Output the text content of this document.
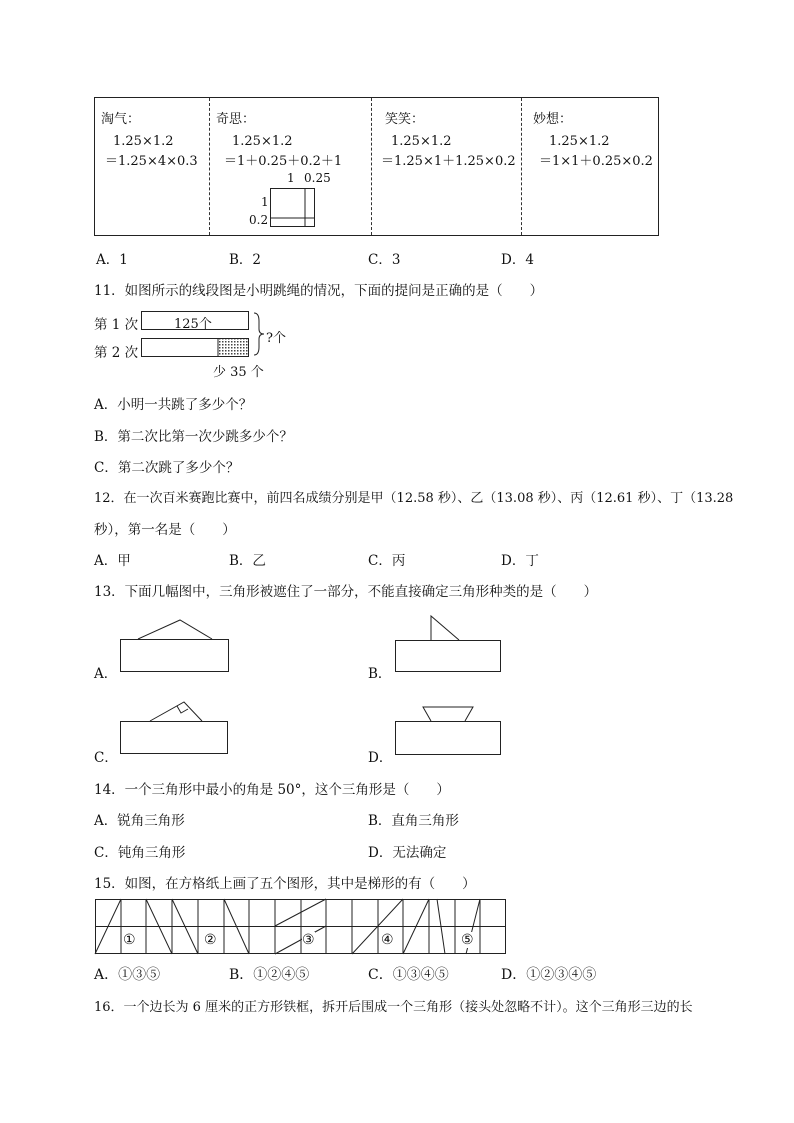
淘气：
1.25×1.2
＝1.25×4×0.3
奇思：
1.25×1.2
＝1＋0.25＋0.2＋1
1 0.25
1
0.2
笑笑：
1.25×1.2
＝1.25×1＋1.25×0.2
妙想：
1.25×1.2
＝1×1＋0.25×0.2
A．1	B．2	C．3	D．4
11．如图所示的线段图是小明跳绳的情况，下面的提问是正确的是（　　）
第 1 次
第 2 次
125个
?个
少 35 个
A．小明一共跳了多少个？
B．第二次比第一次少跳多少个？
C．第二次跳了多少个？
12．在一次百米赛跑比赛中，前四名成绩分别是甲（12.58 秒）、乙（13.08 秒）、丙（12.61 秒）、丁（13.28
秒），第一名是（　　）
A．甲	B．乙	C．丙	D．丁
13．下面几幅图中，三角形被遮住了一部分，不能直接确定三角形种类的是（　　）
A．	B．
C．	D．
14．一个三角形中最小的角是 50°，这个三角形是（　　）
A．锐角三角形	B．直角三角形
C．钝角三角形	D．无法确定
15．如图，在方格纸上画了五个图形，其中是梯形的有（　　）
①	②	③	④	⑤
A．①③⑤	B．①②④⑤	C．①③④⑤	D．①②③④⑤
16．一个边长为 6 厘米的正方形铁框，拆开后围成一个三角形（接头处忽略不计）。这个三角形三边的长
